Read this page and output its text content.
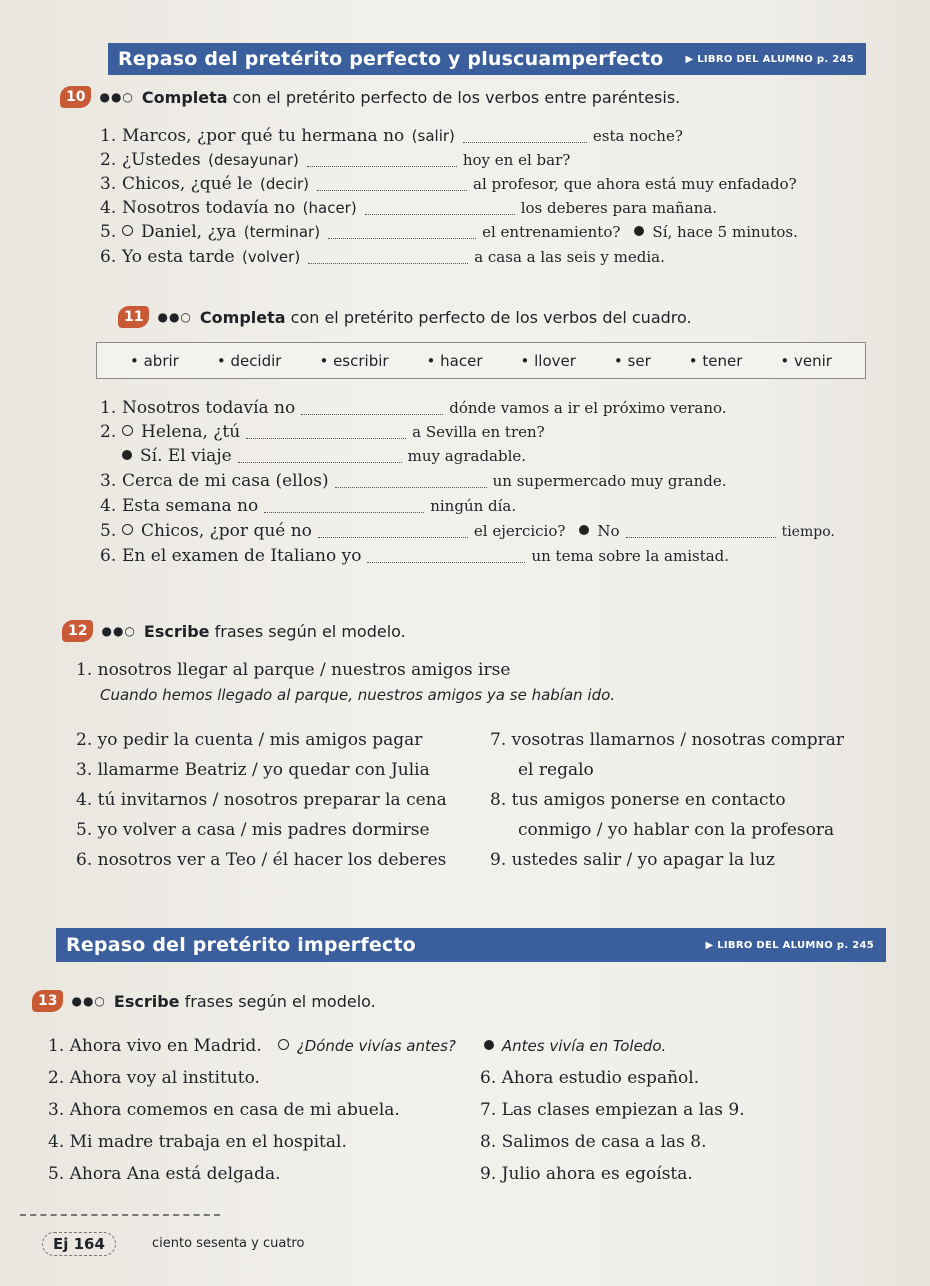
Repaso del pretérito perfecto y pluscuamperfecto ▶ LIBRO DEL ALUMNO p. 245
10	●●○ Completa con el pretérito perfecto de los verbos entre paréntesis.
1. Marcos, ¿por qué tu hermana no
(salir)	esta noche?
2. ¿Ustedes
(desayunar)	hoy en el bar?
3. Chicos, ¿qué le
(decir)	al profesor, que ahora está muy enfadado?
4. Nosotros todavía no
(hacer)	los deberes para mañana.
5.	Daniel, ¿ya
(terminar)	el entrenamiento? Sí, hace 5 minutos.
6. Yo esta tarde
(volver)	a casa a las seis y media.
11	●●○ Completa con el pretérito perfecto de los verbos del cuadro.
• abrir	• decidir	• escribir	• hacer	• llover	• ser	• tener	• venir
1. Nosotros todavía no	dónde vamos a ir el próximo verano.
2.	Helena, ¿tú	a Sevilla en tren?
Sí. El viaje	muy agradable.
3. Cerca de mi casa (ellos)	un supermercado muy grande.
4. Esta semana no	ningún día.
5.	Chicos, ¿por qué no	el ejercicio? No	tiempo.
6. En el examen de Italiano yo	un tema sobre la amistad.
12	●●○ Escribe frases según el modelo.
1. nosotros llegar al parque / nuestros amigos irse
Cuando hemos llegado al parque, nuestros amigos ya se habían ido.
2. yo pedir la cuenta / mis amigos pagar
3. llamarme Beatriz / yo quedar con Julia
4. tú invitarnos / nosotros preparar la cena
5. yo volver a casa / mis padres dormirse
6. nosotros ver a Teo / él hacer los deberes
7. vosotras llamarnos / nosotras comprar
el regalo
8. tus amigos ponerse en contacto
conmigo / yo hablar con la profesora
9. ustedes salir / yo apagar la luz
Repaso del pretérito imperfecto	▶ LIBRO DEL ALUMNO p. 245
13	●●○ Escribe frases según el modelo.
1. Ahora vivo en Madrid. ¿Dónde vivías antes?	Antes vivía en Toledo.
2. Ahora voy al instituto.
3. Ahora comemos en casa de mi abuela.
4. Mi madre trabaja en el hospital.
5. Ahora Ana está delgada.
6. Ahora estudio español.
7. Las clases empiezan a las 9.
8. Salimos de casa a las 8.
9. Julio ahora es egoísta.
Ej 164	ciento sesenta y cuatro
